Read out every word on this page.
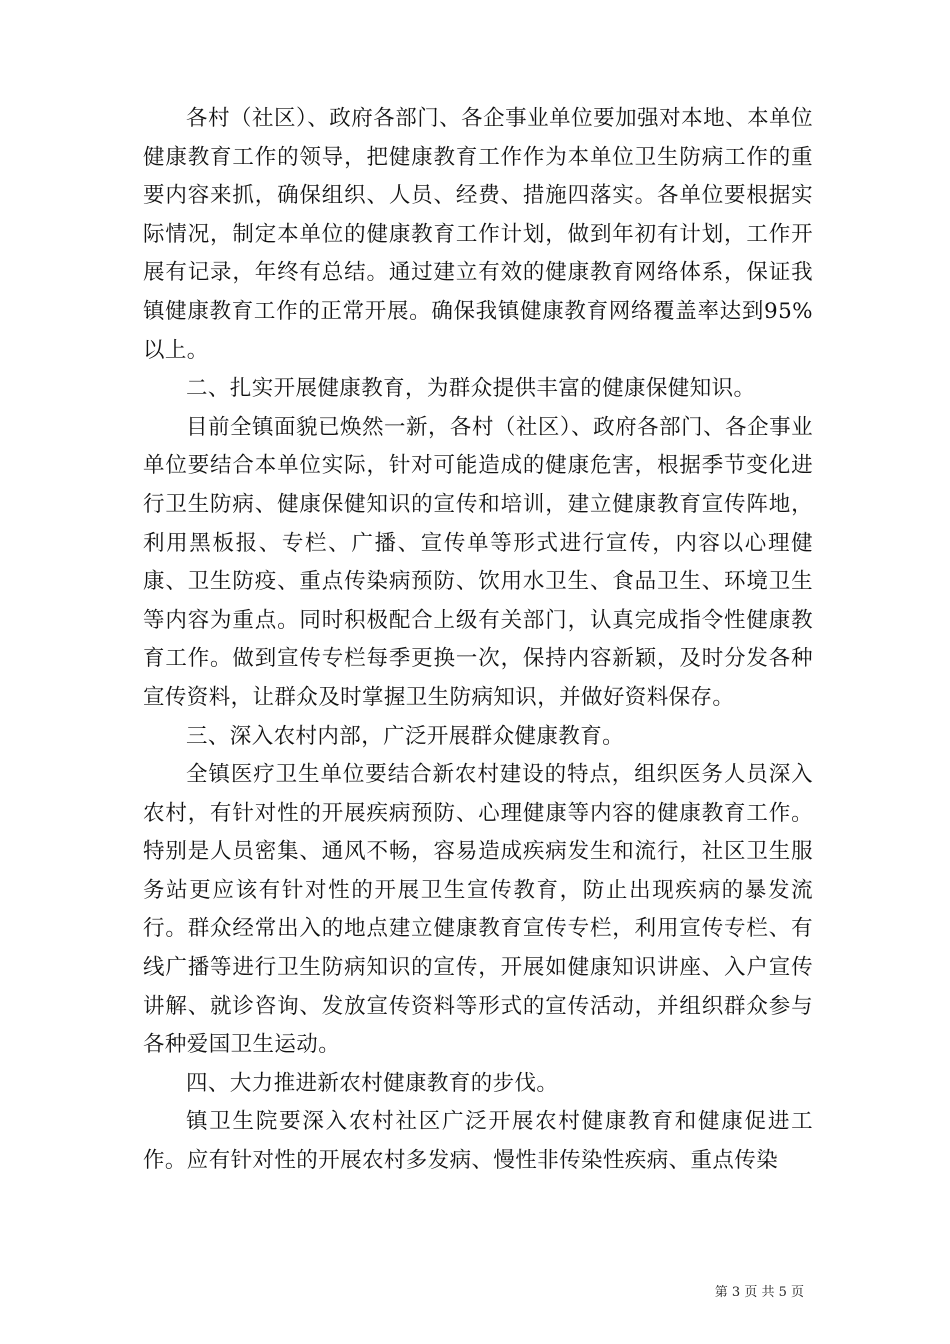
各村（社区）、政府各部门、各企事业单位要加强对本地、本单位健康教育工作的领导，把健康教育工作作为本单位卫生防病工作的重要内容来抓，确保组织、人员、经费、措施四落实。各单位要根据实际情况，制定本单位的健康教育工作计划，做到年初有计划，工作开展有记录，年终有总结。通过建立有效的健康教育网络体系，保证我镇健康教育工作的正常开展。确保我镇健康教育网络覆盖率达到95%以上。

二、扎实开展健康教育，为群众提供丰富的健康保健知识。

目前全镇面貌已焕然一新，各村（社区）、政府各部门、各企事业单位要结合本单位实际，针对可能造成的健康危害，根据季节变化进行卫生防病、健康保健知识的宣传和培训，建立健康教育宣传阵地，利用黑板报、专栏、广播、宣传单等形式进行宣传，内容以心理健康、卫生防疫、重点传染病预防、饮用水卫生、食品卫生、环境卫生等内容为重点。同时积极配合上级有关部门，认真完成指令性健康教育工作。做到宣传专栏每季更换一次，保持内容新颖，及时分发各种宣传资料，让群众及时掌握卫生防病知识，并做好资料保存。

三、深入农村内部，广泛开展群众健康教育。

全镇医疗卫生单位要结合新农村建设的特点，组织医务人员深入农村，有针对性的开展疾病预防、心理健康等内容的健康教育工作。特别是人员密集、通风不畅，容易造成疾病发生和流行，社区卫生服务站更应该有针对性的开展卫生宣传教育，防止出现疾病的暴发流行。群众经常出入的地点建立健康教育宣传专栏，利用宣传专栏、有线广播等进行卫生防病知识的宣传，开展如健康知识讲座、入户宣传讲解、就诊咨询、发放宣传资料等形式的宣传活动，并组织群众参与各种爱国卫生运动。

四、大力推进新农村健康教育的步伐。

镇卫生院要深入农村社区广泛开展农村健康教育和健康促进工作。应有针对性的开展农村多发病、慢性非传染性疾病、重点传染

第 3 页 共 5 页
